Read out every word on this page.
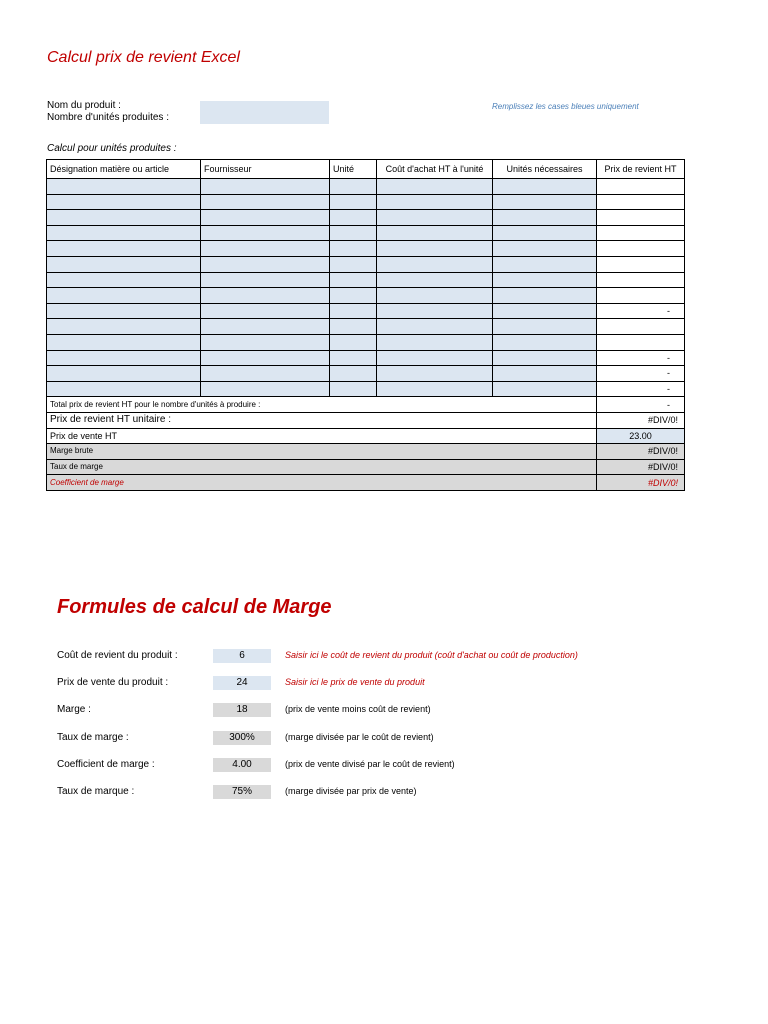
Calcul prix de revient Excel
Nom du produit :
Nombre d'unités produites :
Remplissez les cases bleues uniquement
Calcul pour unités produites :
Désignation matière ou article	Fournisseur	Unité	Coût d'achat HT à l'unité	Unités nécessaires	Prix de revient HT

					-

					-
					-
					-
Total prix de revient HT pour le nombre d'unités à produire :					-
Prix de revient HT unitaire :					#DIV/0!
Prix de vente HT					23.00
Marge brute					#DIV/0!
Taux de marge					#DIV/0!
Coefficient de marge					#DIV/0!
Formules de calcul de Marge
Coût de revient du produit :	6	Saisir ici le coût de revient du produit (coût d'achat ou coût de production)
Prix de vente du produit :	24	Saisir ici le prix de vente du produit
Marge :	18	(prix de vente moins coût de revient)
Taux de marge :	300%	(marge divisée par le coût de revient)
Coefficient de marge :	4.00	(prix de vente divisé par le coût de revient)
Taux de marque :	75%	(marge divisée par prix de vente)
